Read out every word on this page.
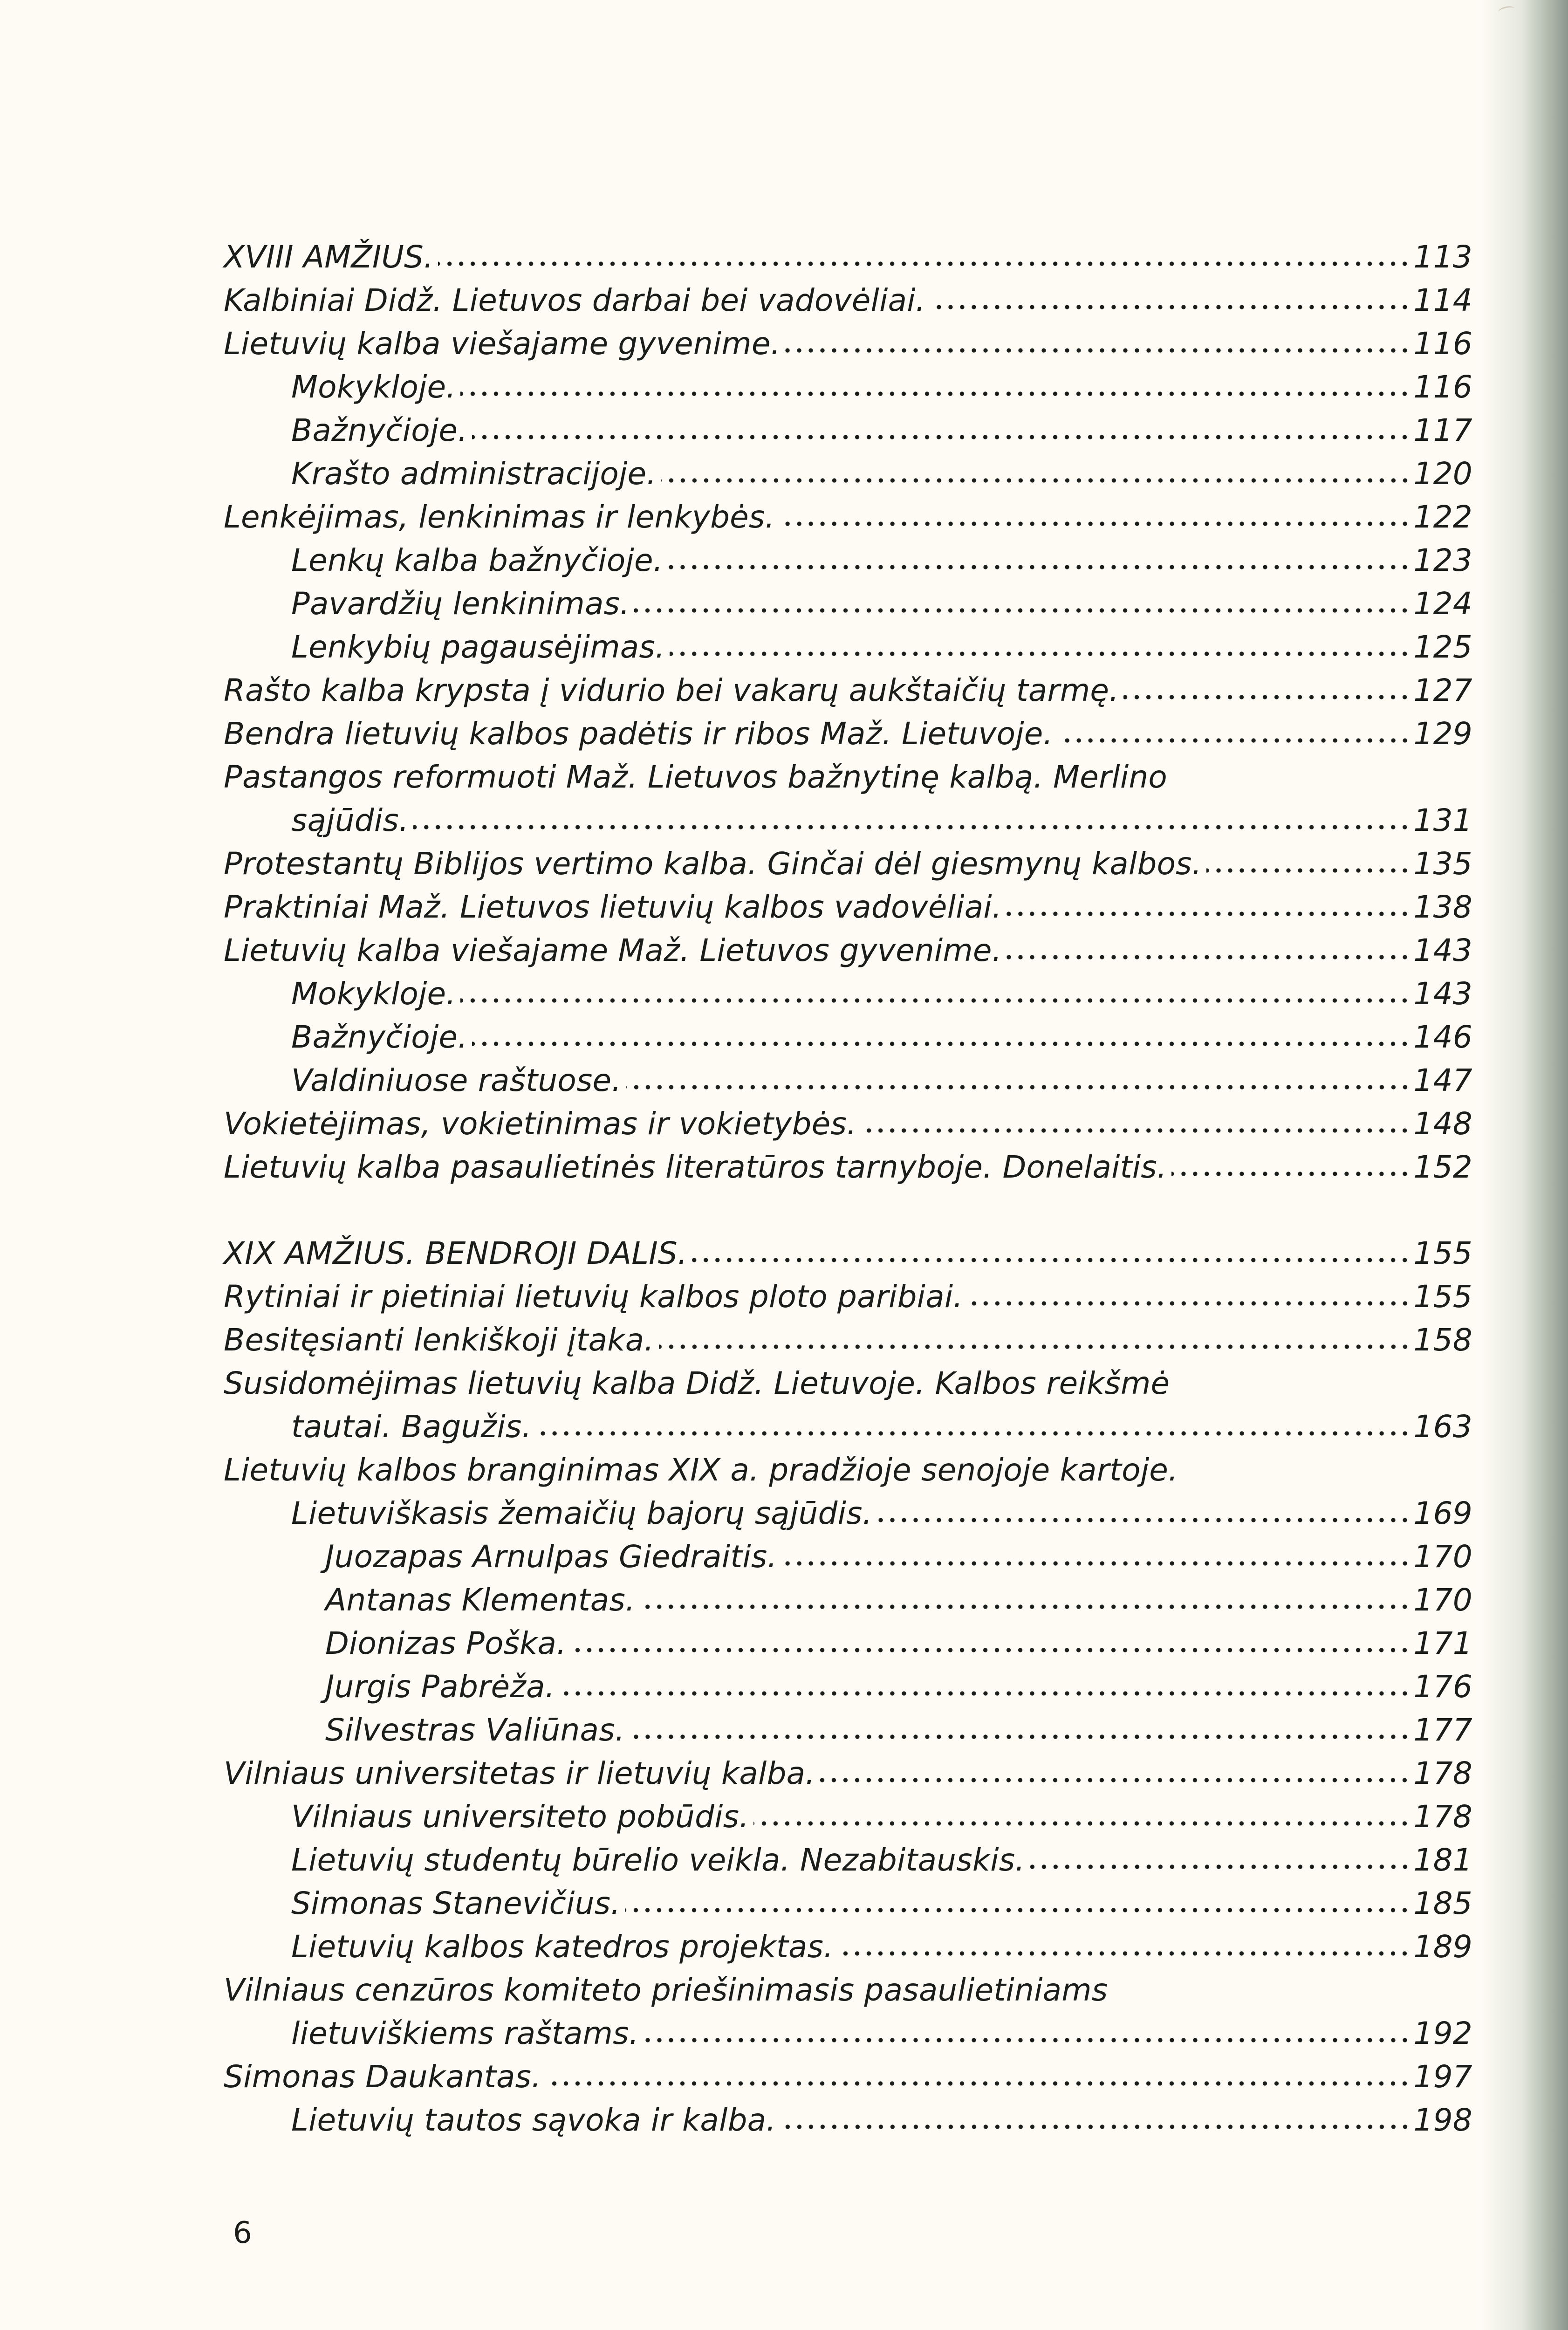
XVIII AMŽIUS.	113
Kalbiniai Didž. Lietuvos darbai bei vadovėliai.	114
Lietuvių kalba viešajame gyvenime.	116
Mokykloje.	116
Bažnyčioje.	117
Krašto administracijoje.	120
Lenkėjimas, lenkinimas ir lenkybės.	122
Lenkų kalba bažnyčioje.	123
Pavardžių lenkinimas.	124
Lenkybių pagausėjimas.	125
Rašto kalba krypsta į vidurio bei vakarų aukštaičių tarmę.	127
Bendra lietuvių kalbos padėtis ir ribos Maž. Lietuvoje.	129
Pastangos reformuoti Maž. Lietuvos bažnytinę kalbą. Merlino
sąjūdis.	131
Protestantų Biblijos vertimo kalba. Ginčai dėl giesmynų kalbos.	135
Praktiniai Maž. Lietuvos lietuvių kalbos vadovėliai.	138
Lietuvių kalba viešajame Maž. Lietuvos gyvenime.	143
Mokykloje.	143
Bažnyčioje.	146
Valdiniuose raštuose.	147
Vokietėjimas, vokietinimas ir vokietybės.	148
Lietuvių kalba pasaulietinės literatūros tarnyboje. Donelaitis.	152
XIX AMŽIUS. BENDROJI DALIS.	155
Rytiniai ir pietiniai lietuvių kalbos ploto paribiai.	155
Besitęsianti lenkiškoji įtaka.	158
Susidomėjimas lietuvių kalba Didž. Lietuvoje. Kalbos reikšmė
tautai. Bagužis.	163
Lietuvių kalbos branginimas XIX a. pradžioje senojoje kartoje.
Lietuviškasis žemaičių bajorų sąjūdis.	169
Juozapas Arnulpas Giedraitis.	170
Antanas Klementas.	170
Dionizas Poška.	171
Jurgis Pabrėža.	176
Silvestras Valiūnas.	177
Vilniaus universitetas ir lietuvių kalba.	178
Vilniaus universiteto pobūdis.	178
Lietuvių studentų būrelio veikla. Nezabitauskis.	181
Simonas Stanevičius.	185
Lietuvių kalbos katedros projektas.	189
Vilniaus cenzūros komiteto priešinimasis pasaulietiniams
lietuviškiems raštams.	192
Simonas Daukantas.	197
Lietuvių tautos sąvoka ir kalba.	198
6
